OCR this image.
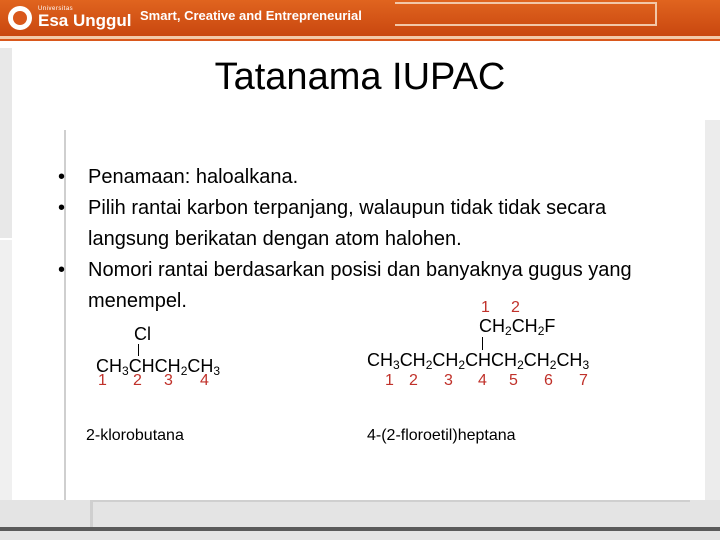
Universitas
Esa Unggul Smart, Creative and Entrepreneurial
Tatanama IUPAC
• Penamaan: haloalkana.
• Pilih rantai karbon terpanjang, walaupun tidak tidak secara langsung berikatan dengan atom halohen.
• Nomori rantai berdasarkan posisi dan banyaknya gugus yang menempel.
Cl
$CH_3CHCH_2CH_3$
1 2 3 4
2-klorobutana
1 2
$CH_2CH_2F$
$CH_3CH_2CH_2CHCH_2CH_2CH_3$
1 2 3 4 5 6 7
4-(2-floroetil)heptana
